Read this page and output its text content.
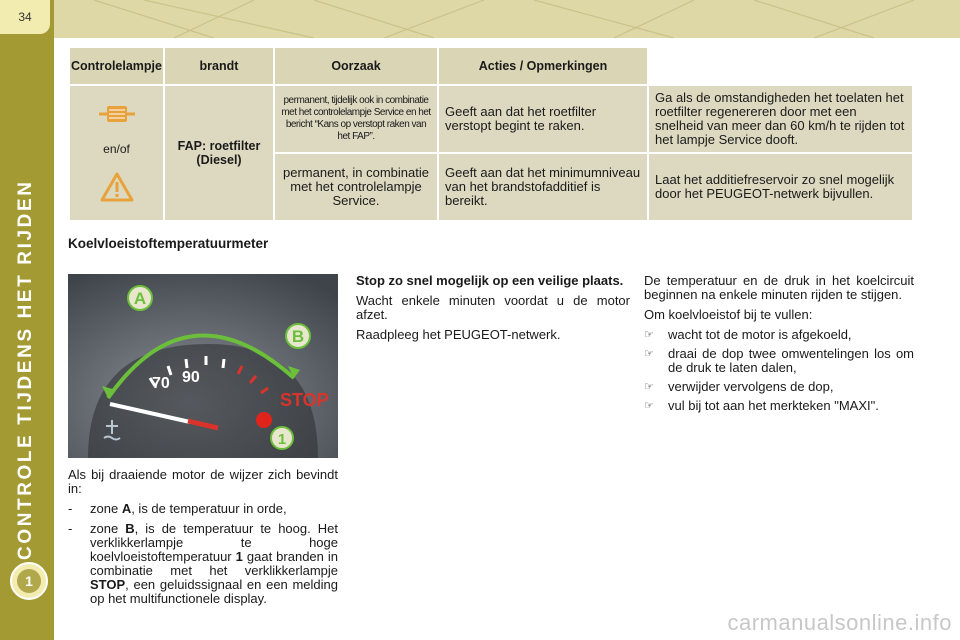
34
CONTROLE TIJDENS HET RIJDEN
1
Controlelampje	brandt	Oorzaak	Acties / Opmerkingen	

en/of	FAP: roetfilter (Diesel)	permanent, tijdelijk ook in combinatie met het controlelampje Service en het bericht “Kans op verstopt raken van het FAP”.	Geeft aan dat het roetfilter verstopt begint te raken.	Ga als de omstandigheden het toelaten het roetfilter regenereren door met een snelheid van meer dan 60 km/h te rijden tot het lampje Service dooft.
		permanent, in combinatie met het controlelampje Service.	Geeft aan dat het minimumniveau van het brandstofadditief is bereikt.	Laat het additiefreservoir zo snel mogelijk door het PEUGEOT-netwerk bijvullen.
Koelvloeistoftemperatuurmeter
70 90
STOP
A
B
1

Als bij draaiende motor de wijzer zich bevindt in:

-	zone A, is de temperatuur in orde,
-	zone B, is de temperatuur te hoog. Het verklikkerlampje te hoge koelvloeistoftemperatuur 1 gaat branden in combinatie met het verklikkerlampje STOP, een geluidssignaal en een melding op het multifunctionele display.

Stop zo snel mogelijk op een veilige plaats.

Wacht enkele minuten voordat u de motor afzet.

Raadpleeg het PEUGEOT-netwerk.

De temperatuur en de druk in het koelcircuit beginnen na enkele minuten rijden te stijgen.

Om koelvloeistof bij te vullen:

☞	wacht tot de motor is afgekoeld,
☞	draai de dop twee omwentelingen los om de druk te laten dalen,
☞	verwijder vervolgens de dop,
☞	vul bij tot aan het merkteken "MAXI".
carmanualsonline.info
